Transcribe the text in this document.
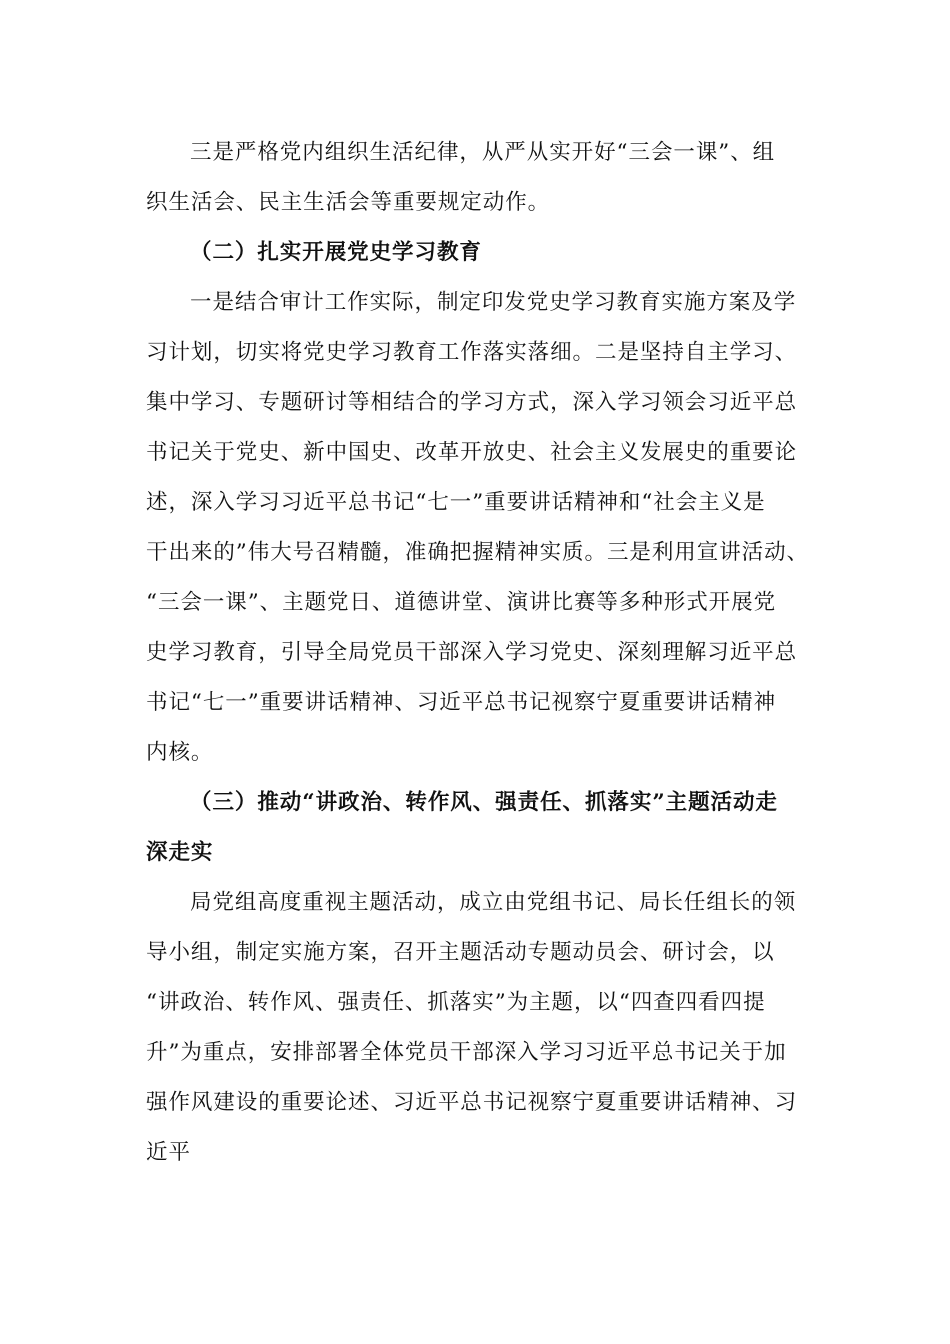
三是严格党内组织生活纪律，从严从实开好“三会一课”、组
织生活会、民主生活会等重要规定动作。
（二）扎实开展党史学习教育
一是结合审计工作实际，制定印发党史学习教育实施方案及学
习计划，切实将党史学习教育工作落实落细。二是坚持自主学习、
集中学习、专题研讨等相结合的学习方式，深入学习领会习近平总
书记关于党史、新中国史、改革开放史、社会主义发展史的重要论
述，深入学习习近平总书记“七一”重要讲话精神和“社会主义是
干出来的”伟大号召精髓，准确把握精神实质。三是利用宣讲活动、
“三会一课”、主题党日、道德讲堂、演讲比赛等多种形式开展党
史学习教育，引导全局党员干部深入学习党史、深刻理解习近平总
书记“七一”重要讲话精神、习近平总书记视察宁夏重要讲话精神
内核。
（三）推动“讲政治、转作风、强责任、抓落实”主题活动走
深走实
局党组高度重视主题活动，成立由党组书记、局长任组长的领
导小组，制定实施方案，召开主题活动专题动员会、研讨会，以
“讲政治、转作风、强责任、抓落实”为主题，以“四查四看四提
升”为重点，安排部署全体党员干部深入学习习近平总书记关于加
强作风建设的重要论述、习近平总书记视察宁夏重要讲话精神、习
近平
